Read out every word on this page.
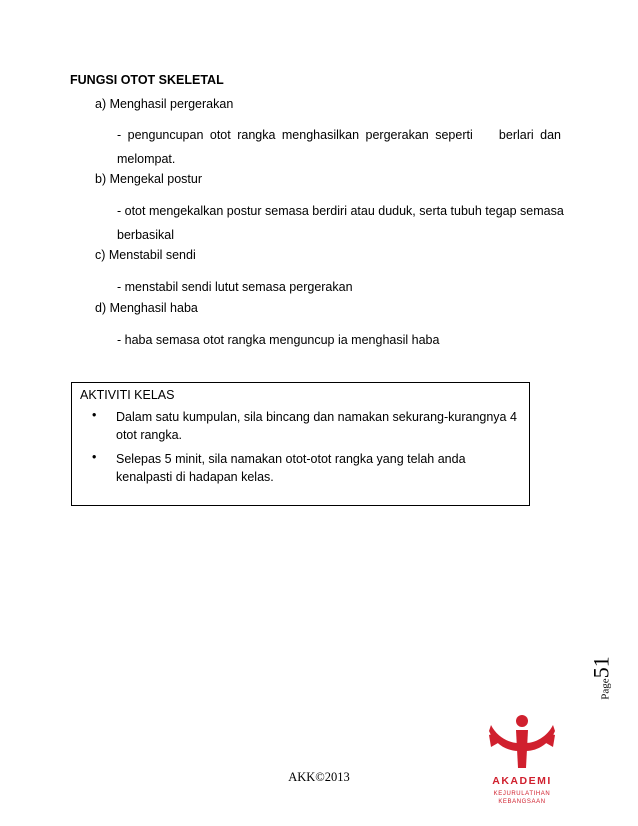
FUNGSI OTOT SKELETAL
a) Menghasil pergerakan
- penguncupan otot rangka menghasilkan pergerakan seperti berlari dan
melompat.
b) Mengekal postur
- otot mengekalkan postur semasa berdiri atau duduk, serta tubuh tegap semasa
berbasikal
c) Menstabil sendi
- menstabil sendi lutut semasa pergerakan
d) Menghasil haba
- haba semasa otot rangka menguncup ia menghasil haba
AKTIVITI KELAS
• Dalam satu kumpulan, sila bincang dan namakan sekurang-kurangnya 4
otot rangka.
• Selepas 5 minit, sila namakan otot-otot rangka yang telah anda
kenalpasti di hadapan kelas.
Page51
AKADEMI
KEJURULATIHAN
KEBANGSAAN
AKK©2013
